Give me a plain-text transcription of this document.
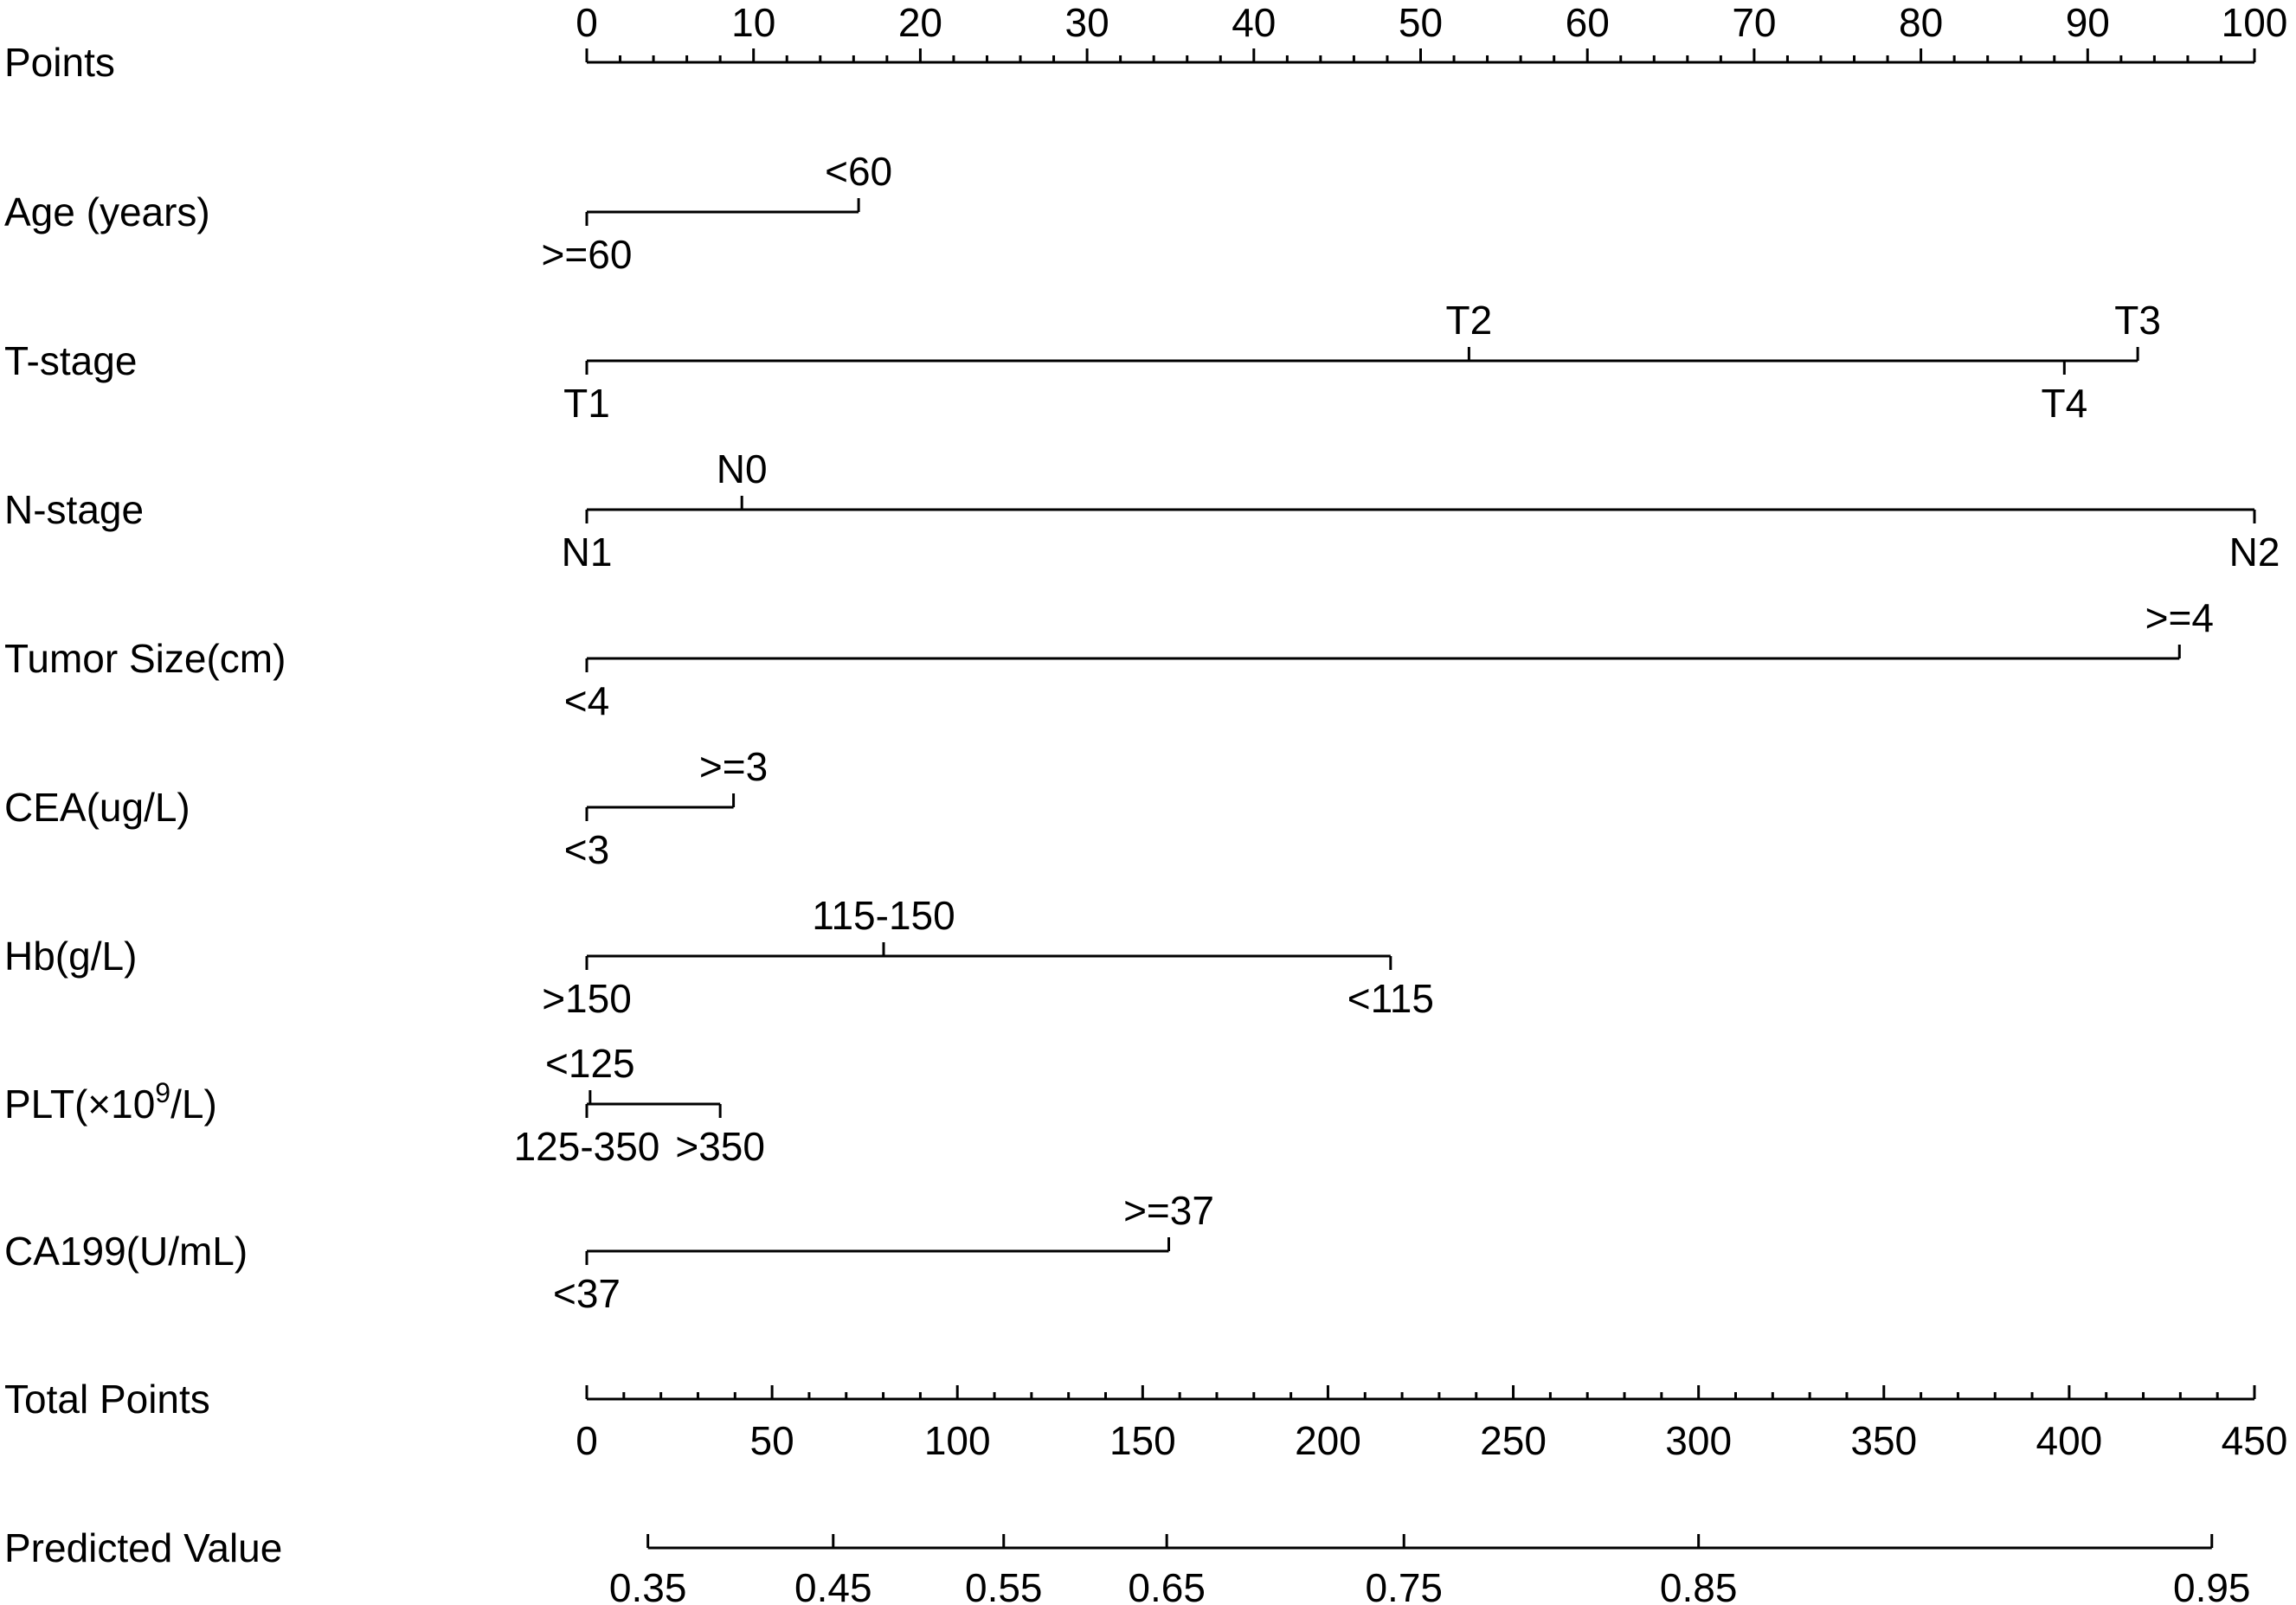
Points
Age (years)
T-stage
N-stage
Tumor Size(cm)
CEA(ug/L)
Hb(g/L)
$PLT(\times 10^9/L)$
CA199(U/mL)
Total Points
Predicted Value
0	10	20	30	40	50	60	70	80	90	100
0	50	100	150	200	250	300	350	400	450
0.35	0.45 0.55 0.65	0.75	0.85	0.95
>=60
<60
T1
T2
T4
T3
N1
N0
N2
<4
>=4
<3
>=3
>150
115-150
<115
125-350
<125
>350
<37
>=37
